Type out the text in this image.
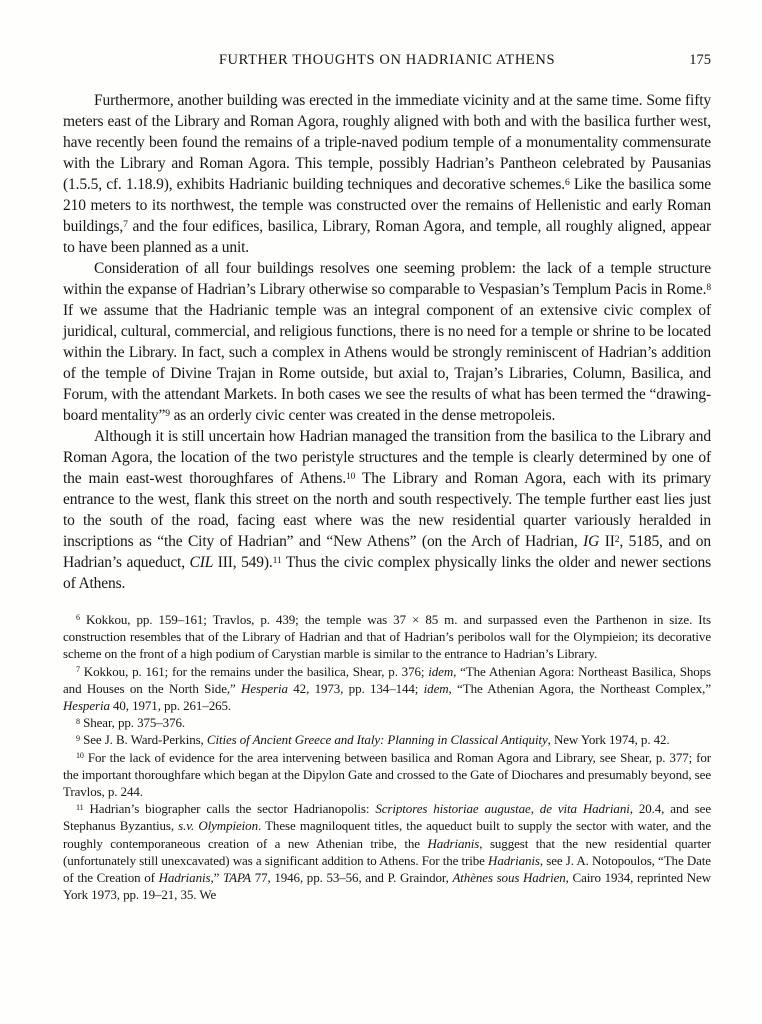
FURTHER THOUGHTS ON HADRIANIC ATHENS	175

Furthermore, another building was erected in the immediate vicinity and at the same time. Some fifty meters east of the Library and Roman Agora, roughly aligned with both and with the basilica further west, have recently been found the remains of a triple-naved podium temple of a monumentality commensurate with the Library and Roman Agora. This temple, possibly Hadrian’s Pantheon celebrated by Pausanias (1.5.5, cf. 1.18.9), exhibits Hadrianic building techniques and decorative schemes.$^6$ Like the basilica some 210 meters to its northwest, the temple was constructed over the remains of Hellenistic and early Roman buildings,$^7$ and the four edifices, basilica, Library, Roman Agora, and temple, all roughly aligned, appear to have been planned as a unit.

Consideration of all four buildings resolves one seeming problem: the lack of a temple structure within the expanse of Hadrian’s Library otherwise so comparable to Vespasian’s Templum Pacis in Rome.$^8$ If we assume that the Hadrianic temple was an integral component of an extensive civic complex of juridical, cultural, commercial, and religious functions, there is no need for a temple or shrine to be located within the Library. In fact, such a complex in Athens would be strongly reminiscent of Hadrian’s addition of the temple of Divine Trajan in Rome outside, but axial to, Trajan’s Libraries, Column, Basilica, and Forum, with the attendant Markets. In both cases we see the results of what has been termed the “drawing-board mentality”$^9$ as an orderly civic center was created in the dense metropoleis.

Although it is still uncertain how Hadrian managed the transition from the basilica to the Library and Roman Agora, the location of the two peristyle structures and the temple is clearly determined by one of the main east-west thoroughfares of Athens.$^{10}$ The Library and Roman Agora, each with its primary entrance to the west, flank this street on the north and south respectively. The temple further east lies just to the south of the road, facing east where was the new residential quarter variously heralded in inscriptions as “the City of Hadrian” and “New Athens” (on the Arch of Hadrian, IG $II^2$, 5185, and on Hadrian’s aqueduct, CIL III, 549).$^{11}$ Thus the civic complex physically links the older and newer sections of Athens.

$^6$ Kokkou, pp. 159–161; Travlos, p. 439; the temple was 37 × 85 m. and surpassed even the Parthenon in size. Its construction resembles that of the Library of Hadrian and that of Hadrian’s peribolos wall for the Olympieion; its decorative scheme on the front of a high podium of Carystian marble is similar to the entrance to Hadrian’s Library.

$^7$ Kokkou, p. 161; for the remains under the basilica, Shear, p. 376; idem, “The Athenian Agora: Northeast Basilica, Shops and Houses on the North Side,” Hesperia 42, 1973, pp. 134–144; idem, “The Athenian Agora, the Northeast Complex,” Hesperia 40, 1971, pp. 261–265.

$^8$ Shear, pp. 375–376.

$^9$ See J. B. Ward-Perkins, Cities of Ancient Greece and Italy: Planning in Classical Antiquity, New York 1974, p. 42.

$^{10}$ For the lack of evidence for the area intervening between basilica and Roman Agora and Library, see Shear, p. 377; for the important thoroughfare which began at the Dipylon Gate and crossed to the Gate of Diochares and presumably beyond, see Travlos, p. 244.

$^{11}$ Hadrian’s biographer calls the sector Hadrianopolis: Scriptores historiae augustae, de vita Hadriani, 20.4, and see Stephanus Byzantius, s.v. Olympieion. These magniloquent titles, the aqueduct built to supply the sector with water, and the roughly contemporaneous creation of a new Athenian tribe, the Hadrianis, suggest that the new residential quarter (unfortunately still unexcavated) was a significant addition to Athens. For the tribe Hadrianis, see J. A. Notopoulos, “The Date of the Creation of Hadrianis,” TAPA 77, 1946, pp. 53–56, and P. Graindor, Athènes sous Hadrien, Cairo 1934, reprinted New York 1973, pp. 19–21, 35. We
